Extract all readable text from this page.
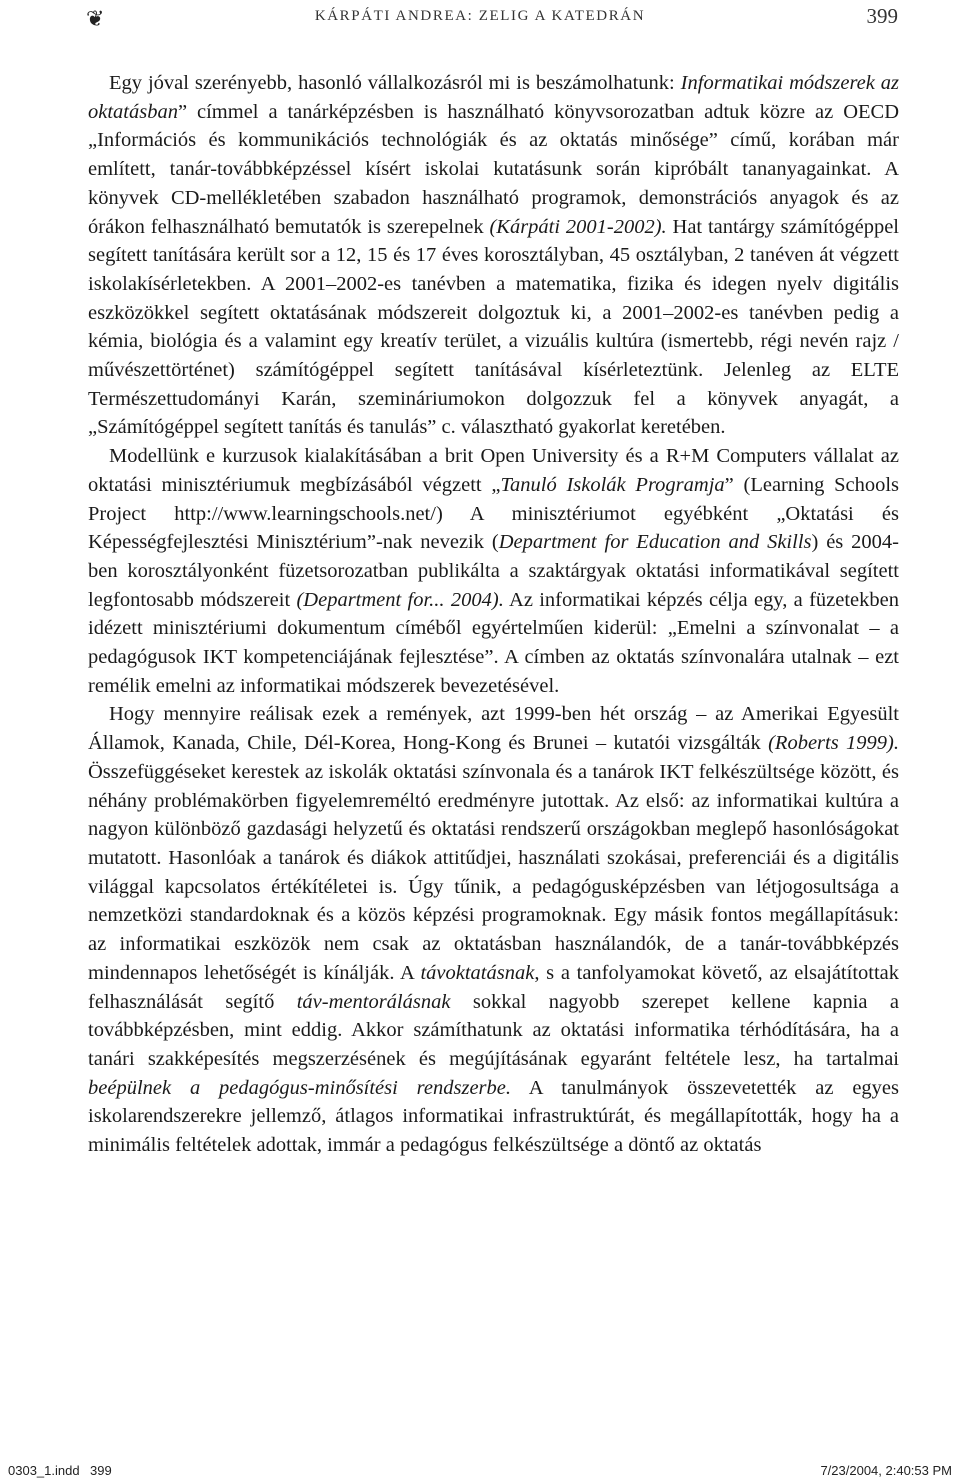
❦	KÁRPÁTI ANDREA: ZELIG A KATEDRÁN	399

Egy jóval szerényebb, hasonló vállalkozásról mi is beszámolhatunk: Informatikai módszerek az oktatásban” címmel a tanárképzésben is használható könyvsorozatban adtuk közre az OECD „Információs és kommunikációs technológiák és az oktatás minősége” című, korában már említett, tanár-továbbképzéssel kísért iskolai kutatásunk során kipróbált tananyagainkat. A könyvek CD-mellékletében szabadon használható programok, demonstrációs anyagok és az órákon felhasználható bemutatók is szerepelnek (Kárpáti 2001-2002). Hat tantárgy számítógéppel segített tanítására került sor a 12, 15 és 17 éves korosztályban, 45 osztályban, 2 tanéven át végzett iskolakísérletekben. A 2001–2002-es tanévben a matematika, fizika és idegen nyelv digitális eszközökkel segített oktatásának módszereit dolgoztuk ki, a 2001–2002-es tanévben pedig a kémia, biológia és a valamint egy kreatív terület, a vizuális kultúra (ismertebb, régi nevén rajz / művészettörténet) számítógéppel segített tanításával kísérleteztünk. Jelenleg az ELTE Természettudományi Karán, szemináriumokon dolgozzuk fel a könyvek anyagát, a „Számítógéppel segített tanítás és tanulás” c. választható gyakorlat keretében.

Modellünk e kurzusok kialakításában a brit Open University és a R+M Computers vállalat az oktatási minisztériumuk megbízásából végzett „Tanuló Iskolák Programja” (Learning Schools Project http://www.learningschools.net/) A minisztériumot egyébként „Oktatási és Képességfejlesztési Minisztérium”-nak nevezik (Department for Education and Skills) és 2004-ben korosztályonként füzetsorozatban publikálta a szaktárgyak oktatási informatikával segített legfontosabb módszereit (Department for... 2004). Az informatikai képzés célja egy, a füzetekben idézett minisztériumi dokumentum címéből egyértelműen kiderül: „Emelni a színvonalat – a pedagógusok IKT kompetenciájának fejlesztése”. A címben az oktatás színvonalára utalnak – ezt remélik emelni az informatikai módszerek bevezetésével.

Hogy mennyire reálisak ezek a remények, azt 1999-ben hét ország – az Amerikai Egyesült Államok, Kanada, Chile, Dél-Korea, Hong-Kong és Brunei – kutatói vizsgálták (Roberts 1999). Összefüggéseket kerestek az iskolák oktatási színvonala és a tanárok IKT felkészültsége között, és néhány problémakörben figyelemreméltó eredményre jutottak. Az első: az informatikai kultúra a nagyon különböző gazdasági helyzetű és oktatási rendszerű országokban meglepő hasonlóságokat mutatott. Hasonlóak a tanárok és diákok attitűdjei, használati szokásai, preferenciái és a digitális világgal kapcsolatos értékítéletei is. Úgy tűnik, a pedagógusképzésben van létjogosultsága a nemzetközi standardoknak és a közös képzési programoknak. Egy másik fontos megállapításuk: az informatikai eszközök nem csak az oktatásban használandók, de a tanár-továbbképzés mindennapos lehetőségét is kínálják. A távoktatásnak, s a tanfolyamokat követő, az elsajátítottak felhasználását segítő táv-mentorálásnak sokkal nagyobb szerepet kellene kapnia a továbbképzésben, mint eddig. Akkor számíthatunk az oktatási informatika térhódítására, ha a tanári szakképesítés megszerzésének és megújításának egyaránt feltétele lesz, ha tartalmai beépülnek a pedagógus-minősítési rendszerbe. A tanulmányok összevetették az egyes iskolarendszerekre jellemző, átlagos informatikai infrastruktúrát, és megállapították, hogy ha a minimális feltételek adottak, immár a pedagógus felkészültsége a döntő az oktatás

0303_1.indd 399	7/23/2004, 2:40:53 PM
